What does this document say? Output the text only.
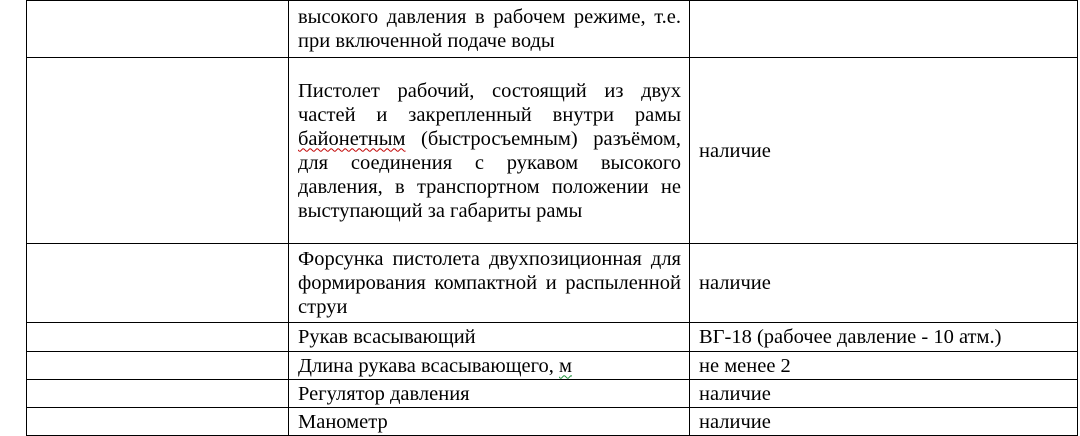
	высокого давления в рабочем режиме, т.е. при включенной подаче воды	
	Пистолет рабочий, состоящий из двух частей и закрепленный внутри рамы байонетным (быстросъемным) разъёмом, для соединения с рукавом высокого давления, в транспортном положении не выступающий за габариты рамы	наличие
	Форсунка пистолета двухпозиционная для формирования компактной и распыленной струи	наличие
	Рукав всасывающий	ВГ-18 (рабочее давление - 10 атм.)
	Длина рукава всасывающего, м	не менее 2
	Регулятор давления	наличие
	Манометр	наличие
